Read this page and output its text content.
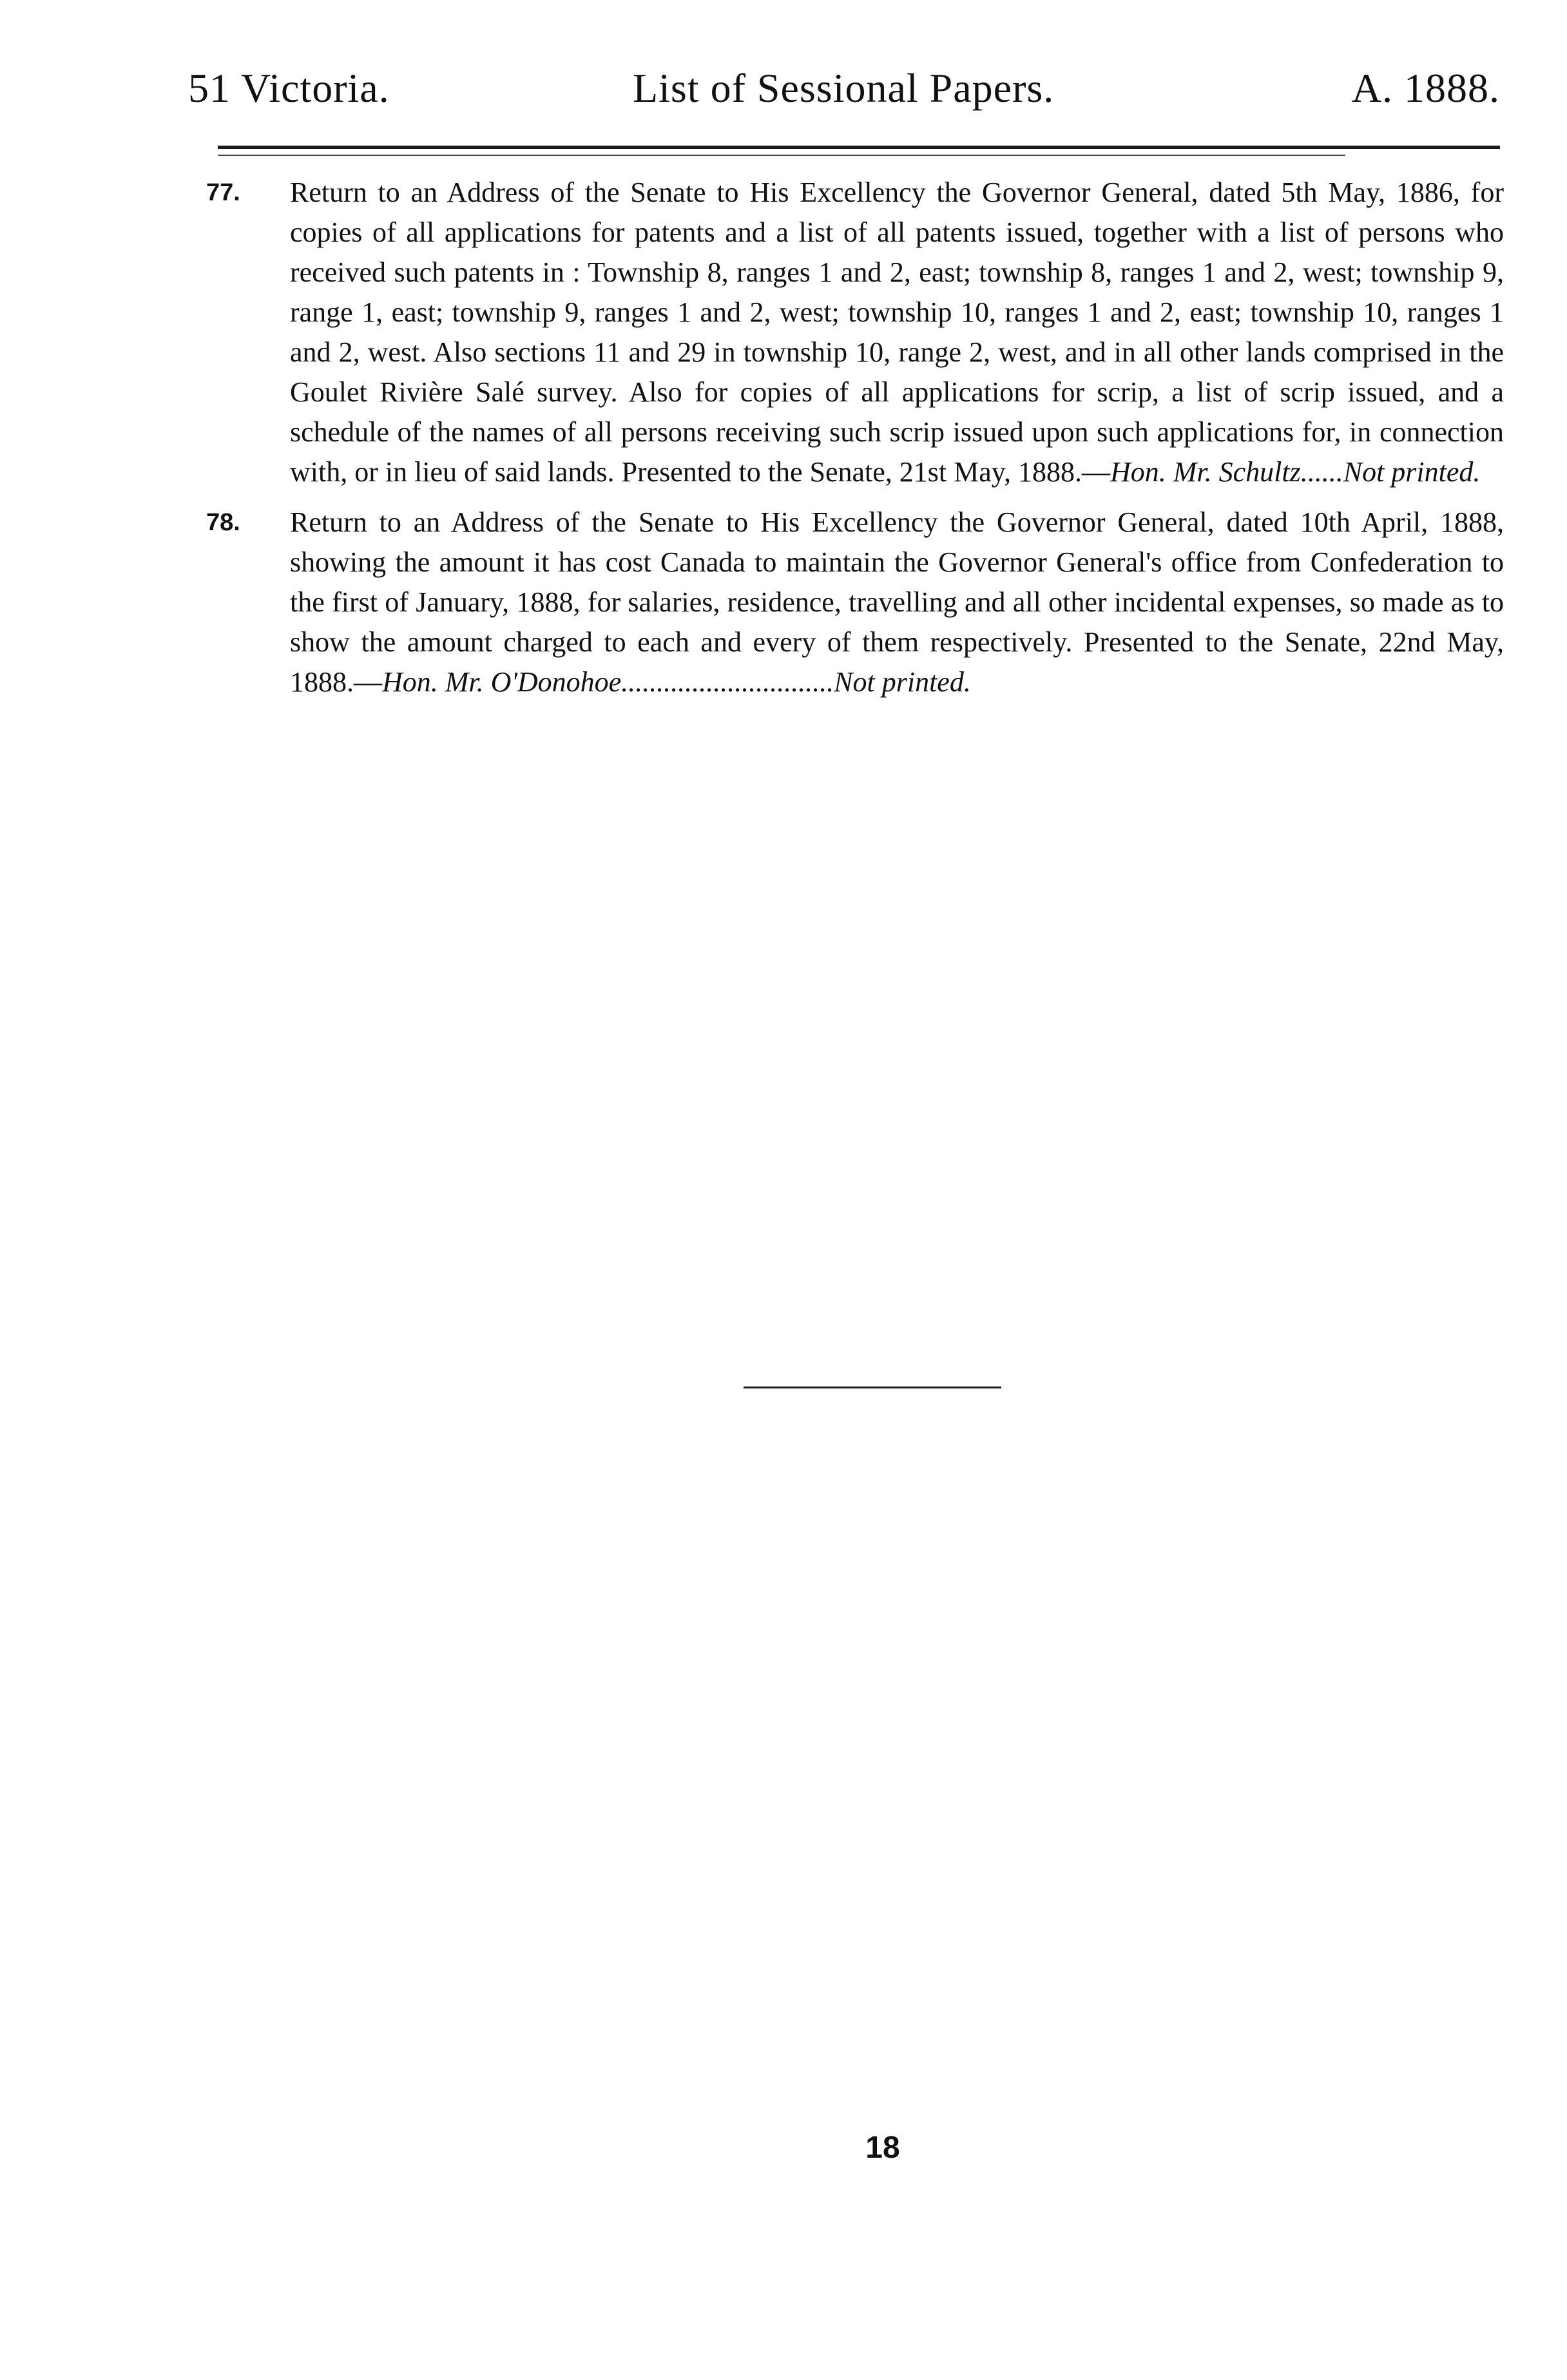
51 Victoria.	List of Sessional Papers.	A. 1888.
77. Return to an Address of the Senate to His Excellency the Governor General, dated 5th May, 1886, for copies of all applications for patents and a list of all patents issued, together with a list of persons who received such patents in : Township 8, ranges 1 and 2, east; township 8, ranges 1 and 2, west; township 9, range 1, east; township 9, ranges 1 and 2, west; township 10, ranges 1 and 2, east; township 10, ranges 1 and 2, west. Also sections 11 and 29 in township 10, range 2, west, and in all other lands comprised in the Goulet Rivière Salé survey. Also for copies of all applications for scrip, a list of scrip issued, and a schedule of the names of all persons receiving such scrip issued upon such applications for, in connection with, or in lieu of said lands. Presented to the Senate, 21st May, 1888.—Hon. Mr. Schultz......Not printed.
78. Return to an Address of the Senate to His Excellency the Governor General, dated 10th April, 1888, showing the amount it has cost Canada to maintain the Governor General's office from Confederation to the first of January, 1888, for salaries, residence, travelling and all other incidental expenses, so made as to show the amount charged to each and every of them respectively. Presented to the Senate, 22nd May, 1888.—Hon. Mr. O'Donohoe..............................Not printed.
18
